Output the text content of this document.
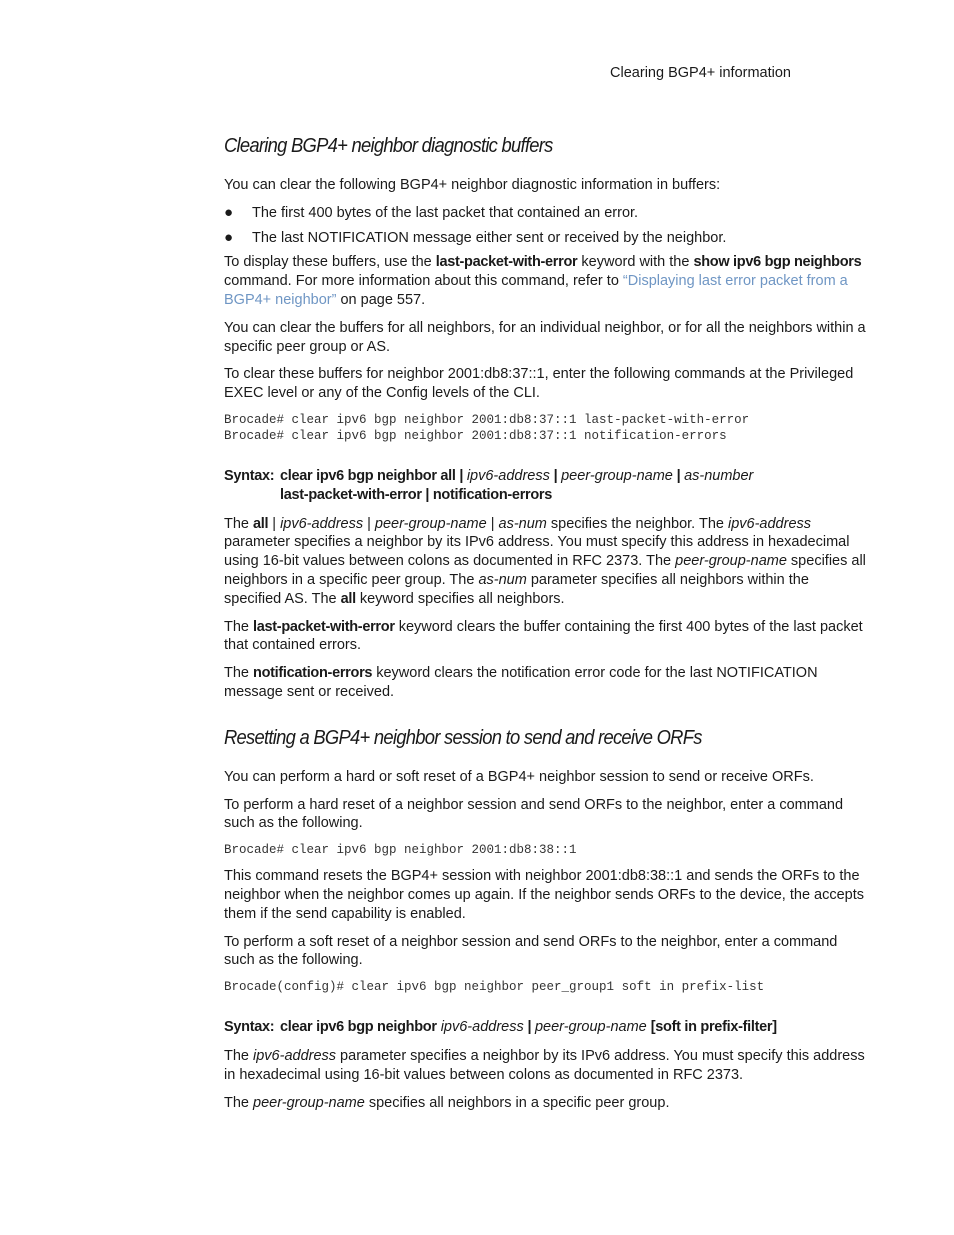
Clearing BGP4+ information
Clearing BGP4+ neighbor diagnostic buffers

You can clear the following BGP4+ neighbor diagnostic information in buffers:

●	The first 400 bytes of the last packet that contained an error.
●	The last NOTIFICATION message either sent or received by the neighbor.

To display these buffers, use the last-packet-with-error keyword with the show ipv6 bgp neighbors command. For more information about this command, refer to “Displaying last error packet from a BGP4+ neighbor” on page 557.

You can clear the buffers for all neighbors, for an individual neighbor, or for all the neighbors within a specific peer group or AS.

To clear these buffers for neighbor 2001:db8:37::1, enter the following commands at the Privileged EXEC level or any of the Config levels of the CLI.

Brocade# clear ipv6 bgp neighbor 2001:db8:37::1 last-packet-with-error
Brocade# clear ipv6 bgp neighbor 2001:db8:37::1 notification-errors
Syntax: clear ipv6 bgp neighbor all | ipv6-address | peer-group-name | as-number
last-packet-with-error | notification-errors

The all | ipv6-address | peer-group-name | as-num specifies the neighbor. The ipv6-address parameter specifies a neighbor by its IPv6 address. You must specify this address in hexadecimal using 16-bit values between colons as documented in RFC 2373. The peer-group-name specifies all neighbors in a specific peer group. The as-num parameter specifies all neighbors within the specified AS. The all keyword specifies all neighbors.

The last-packet-with-error keyword clears the buffer containing the first 400 bytes of the last packet that contained errors.

The notification-errors keyword clears the notification error code for the last NOTIFICATION message sent or received.

Resetting a BGP4+ neighbor session to send and receive ORFs

You can perform a hard or soft reset of a BGP4+ neighbor session to send or receive ORFs.

To perform a hard reset of a neighbor session and send ORFs to the neighbor, enter a command such as the following.

Brocade# clear ipv6 bgp neighbor 2001:db8:38::1

This command resets the BGP4+ session with neighbor 2001:db8:38::1 and sends the ORFs to the neighbor when the neighbor comes up again. If the neighbor sends ORFs to the device, the accepts them if the send capability is enabled.

To perform a soft reset of a neighbor session and send ORFs to the neighbor, enter a command such as the following.

Brocade(config)# clear ipv6 bgp neighbor peer_group1 soft in prefix-list
Syntax: clear ipv6 bgp neighbor ipv6-address | peer-group-name [soft in prefix-filter]

The ipv6-address parameter specifies a neighbor by its IPv6 address. You must specify this address in hexadecimal using 16-bit values between colons as documented in RFC 2373.

The peer-group-name specifies all neighbors in a specific peer group.
